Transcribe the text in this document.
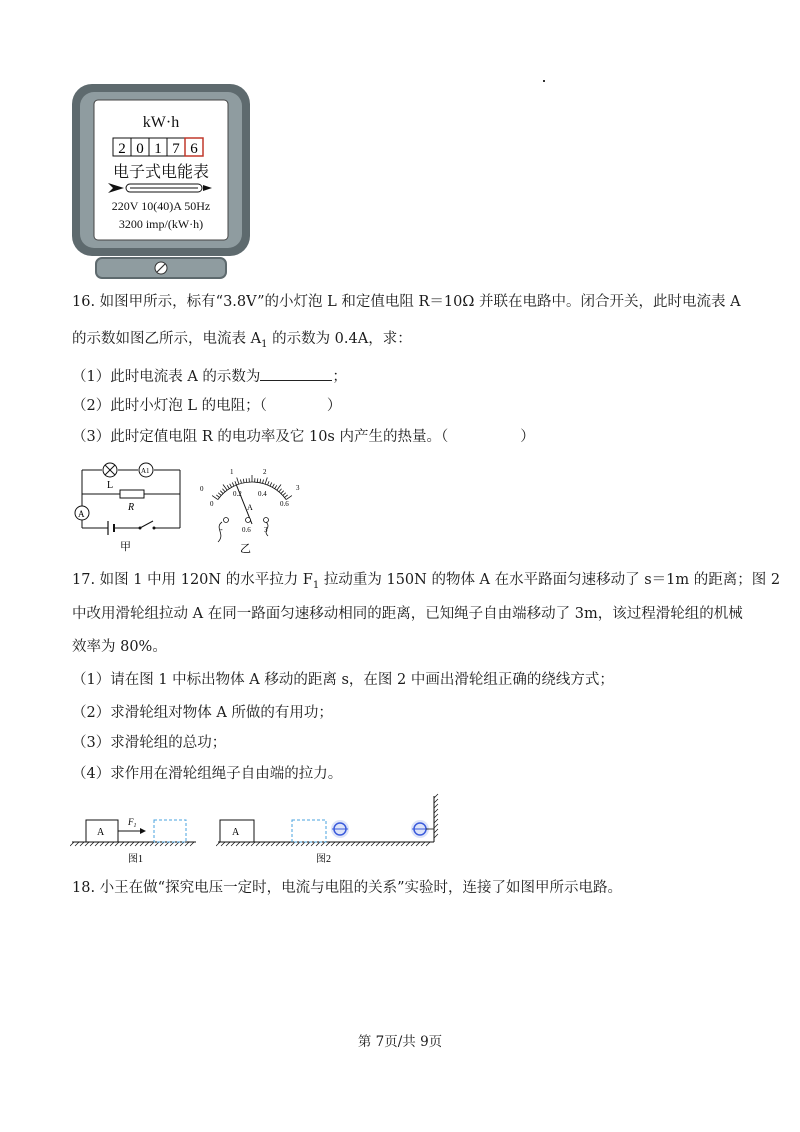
kW·h
2 0 1 7 6
电子式电能表
220V 10(40)A 50Hz
3200 imp/(kW·h)
16. 如图甲所示，标有“3.8V”的小灯泡 L 和定值电阻 R＝10Ω 并联在电路中。闭合开关，此时电流表 A
的示数如图乙所示，电流表 $A_1$ 的示数为 0.4A，求：
（1）此时电流表 A 的示数为	；
（2）此时小灯泡 L 的电阻；（	）
（3）此时定值电阻 R 的电功率及它 10s 内产生的热量。（	）
L
A1
R
A
甲
1	2
0	3
0
0.2 0.4
0.6
A
-	0.6 3
乙
17. 如图 1 中用 120N 的水平拉力 $F_1$ 拉动重为 150N 的物体 A 在水平路面匀速移动了 s＝1m 的距离；图 2
中改用滑轮组拉动 A 在同一路面匀速移动相同的距离，已知绳子自由端移动了 3m，该过程滑轮组的机械
效率为 80%。
（1）请在图 1 中标出物体 A 移动的距离 s，在图 2 中画出滑轮组正确的绕线方式；
（2）求滑轮组对物体 A 所做的有用功；
（3）求滑轮组的总功；
（4）求作用在滑轮组绳子自由端的拉力。
A
$F_1$
图1
A
图2
18. 小王在做“探究电压一定时，电流与电阻的关系”实验时，连接了如图甲所示电路。
第 7页/共 9页
